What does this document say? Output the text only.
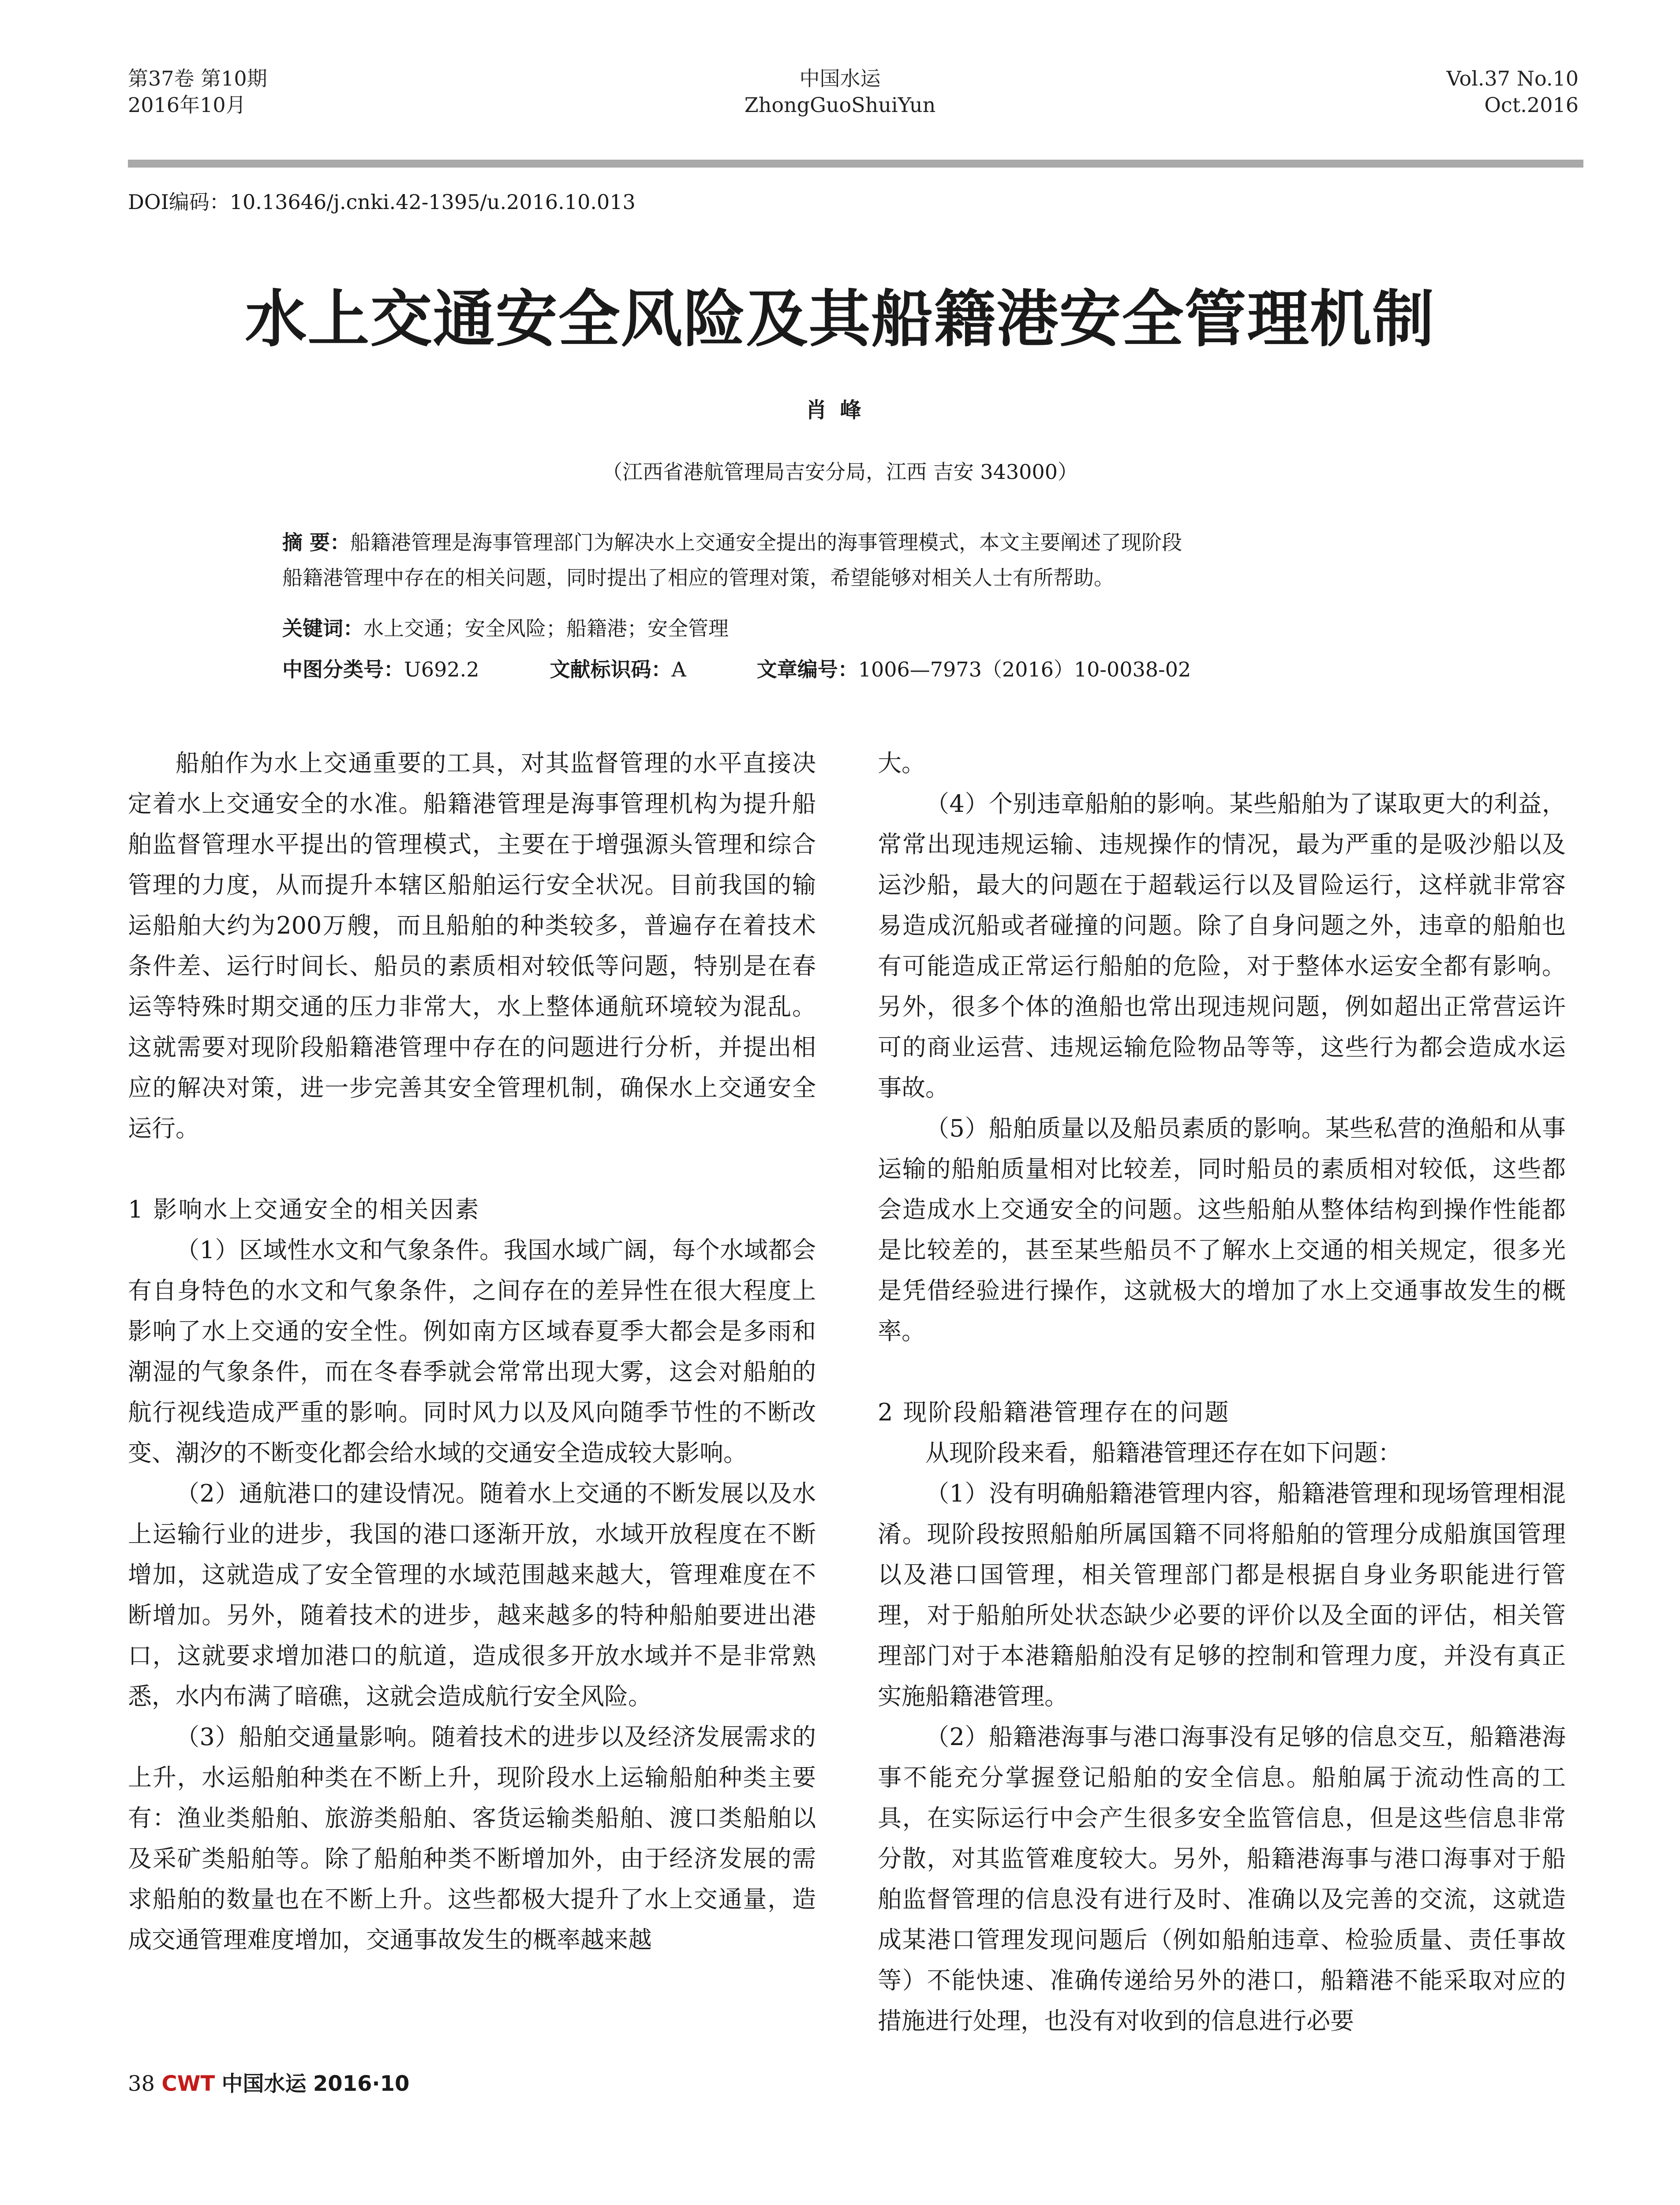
第37卷 第10期
2016年10月
中国水运
ZhongGuoShuiYun
Vol.37 No.10
Oct.2016
DOI编码：10.13646/j.cnki.42-1395/u.2016.10.013
水上交通安全风险及其船籍港安全管理机制
肖峰
（江西省港航管理局吉安分局，江西 吉安 343000）
摘 要：船籍港管理是海事管理部门为解决水上交通安全提出的海事管理模式，本文主要阐述了现阶段
船籍港管理中存在的相关问题，同时提出了相应的管理对策，希望能够对相关人士有所帮助。
关键词：水上交通；安全风险；船籍港；安全管理
中图分类号：U692.2	文献标识码：A	文章编号：1006—7973（2016）10-0038-02

船舶作为水上交通重要的工具，对其监督管理的水平直接决定着水上交通安全的水准。船籍港管理是海事管理机构为提升船舶监督管理水平提出的管理模式，主要在于增强源头管理和综合管理的力度，从而提升本辖区船舶运行安全状况。目前我国的输运船舶大约为200万艘，而且船舶的种类较多，普遍存在着技术条件差、运行时间长、船员的素质相对较低等问题，特别是在春运等特殊时期交通的压力非常大，水上整体通航环境较为混乱。这就需要对现阶段船籍港管理中存在的问题进行分析，并提出相应的解决对策，进一步完善其安全管理机制，确保水上交通安全运行。

1 影响水上交通安全的相关因素

（1）区域性水文和气象条件。我国水域广阔，每个水域都会有自身特色的水文和气象条件，之间存在的差异性在很大程度上影响了水上交通的安全性。例如南方区域春夏季大都会是多雨和潮湿的气象条件，而在冬春季就会常常出现大雾，这会对船舶的航行视线造成严重的影响。同时风力以及风向随季节性的不断改变、潮汐的不断变化都会给水域的交通安全造成较大影响。

（2）通航港口的建设情况。随着水上交通的不断发展以及水上运输行业的进步，我国的港口逐渐开放，水域开放程度在不断增加，这就造成了安全管理的水域范围越来越大，管理难度在不断增加。另外，随着技术的进步，越来越多的特种船舶要进出港口，这就要求增加港口的航道，造成很多开放水域并不是非常熟悉，水内布满了暗礁，这就会造成航行安全风险。

（3）船舶交通量影响。随着技术的进步以及经济发展需求的上升，水运船舶种类在不断上升，现阶段水上运输船舶种类主要有：渔业类船舶、旅游类船舶、客货运输类船舶、渡口类船舶以及采矿类船舶等。除了船舶种类不断增加外，由于经济发展的需求船舶的数量也在不断上升。这些都极大提升了水上交通量，造成交通管理难度增加，交通事故发生的概率越来越

大。

（4）个别违章船舶的影响。某些船舶为了谋取更大的利益，常常出现违规运输、违规操作的情况，最为严重的是吸沙船以及运沙船，最大的问题在于超载运行以及冒险运行，这样就非常容易造成沉船或者碰撞的问题。除了自身问题之外，违章的船舶也有可能造成正常运行船舶的危险，对于整体水运安全都有影响。另外，很多个体的渔船也常出现违规问题，例如超出正常营运许可的商业运营、违规运输危险物品等等，这些行为都会造成水运事故。

（5）船舶质量以及船员素质的影响。某些私营的渔船和从事运输的船舶质量相对比较差，同时船员的素质相对较低，这些都会造成水上交通安全的问题。这些船舶从整体结构到操作性能都是比较差的，甚至某些船员不了解水上交通的相关规定，很多光是凭借经验进行操作，这就极大的增加了水上交通事故发生的概率。

2 现阶段船籍港管理存在的问题

从现阶段来看，船籍港管理还存在如下问题：

（1）没有明确船籍港管理内容，船籍港管理和现场管理相混淆。现阶段按照船舶所属国籍不同将船舶的管理分成船旗国管理以及港口国管理，相关管理部门都是根据自身业务职能进行管理，对于船舶所处状态缺少必要的评价以及全面的评估，相关管理部门对于本港籍船舶没有足够的控制和管理力度，并没有真正实施船籍港管理。

（2）船籍港海事与港口海事没有足够的信息交互，船籍港海事不能充分掌握登记船舶的安全信息。船舶属于流动性高的工具，在实际运行中会产生很多安全监管信息，但是这些信息非常分散，对其监管难度较大。另外，船籍港海事与港口海事对于船舶监督管理的信息没有进行及时、准确以及完善的交流，这就造成某港口管理发现问题后（例如船舶违章、检验质量、责任事故等）不能快速、准确传递给另外的港口，船籍港不能采取对应的措施进行处理，也没有对收到的信息进行必要

38 CWT 中国水运 2016·10
